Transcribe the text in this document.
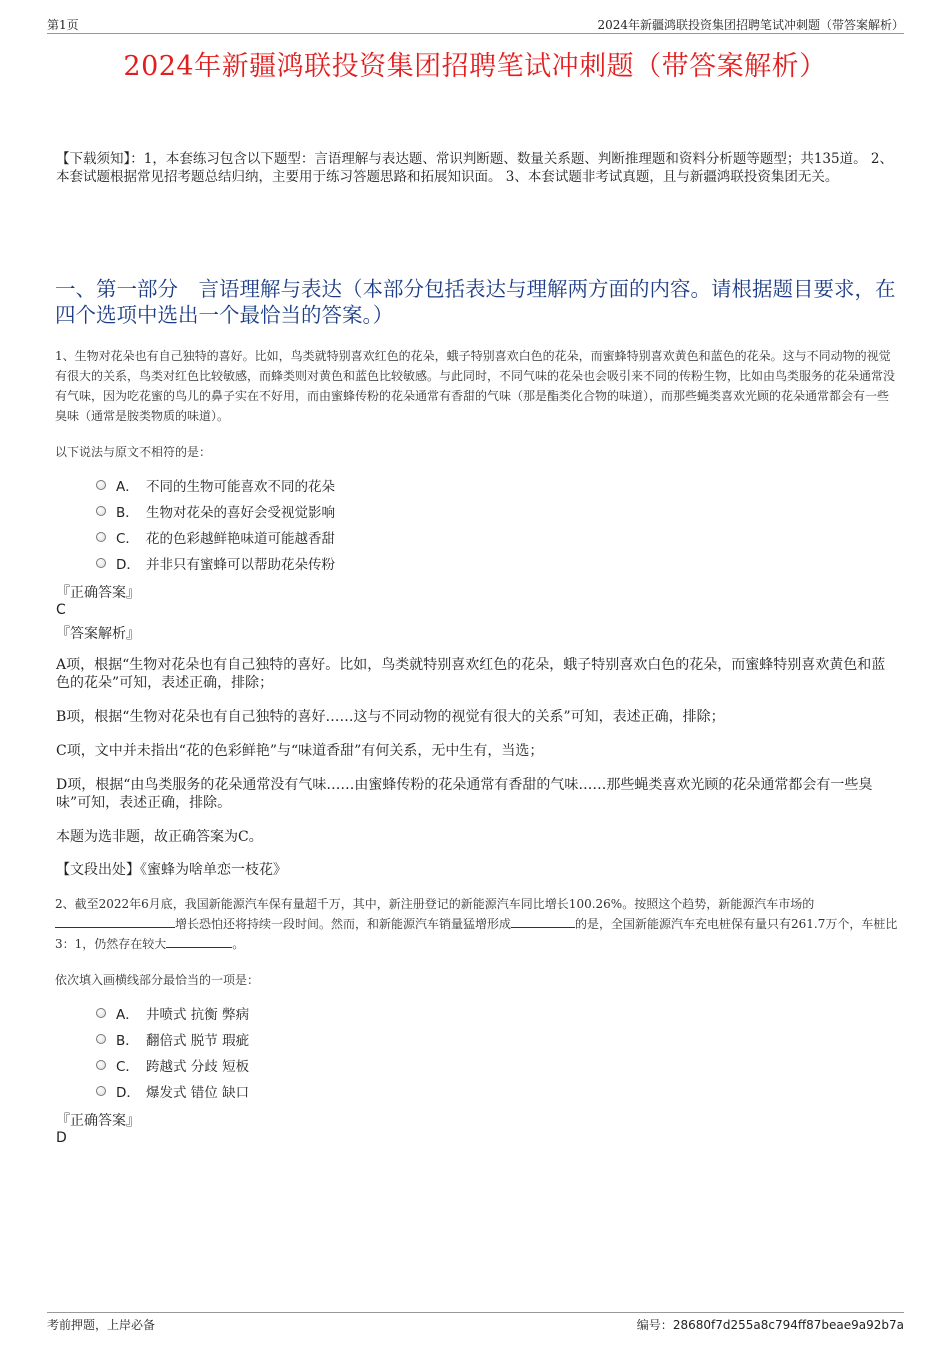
第1页	2024年新疆鸿联投资集团招聘笔试冲刺题（带答案解析）
2024年新疆鸿联投资集团招聘笔试冲刺题（带答案解析）
【下载须知】：1，本套练习包含以下题型：言语理解与表达题、常识判断题、数量关系题、判断推理题和资料分析题等题型；共135道。 2、本套试题根据常见招考题总结归纳，主要用于练习答题思路和拓展知识面。 3、本套试题非考试真题，且与新疆鸿联投资集团无关。
一、第一部分　言语理解与表达（本部分包括表达与理解两方面的内容。请根据题目要求，在四个选项中选出一个最恰当的答案。）
1、生物对花朵也有自己独特的喜好。比如，鸟类就特别喜欢红色的花朵，蛾子特别喜欢白色的花朵，而蜜蜂特别喜欢黄色和蓝色的花朵。这与不同动物的视觉有很大的关系，鸟类对红色比较敏感，而蜂类则对黄色和蓝色比较敏感。与此同时，不同气味的花朵也会吸引来不同的传粉生物，比如由鸟类服务的花朵通常没有气味，因为吃花蜜的鸟儿的鼻子实在不好用，而由蜜蜂传粉的花朵通常有香甜的气味（那是酯类化合物的味道），而那些蝇类喜欢光顾的花朵通常都会有一些臭味（通常是胺类物质的味道）。
以下说法与原文不相符的是：
A． 不同的生物可能喜欢不同的花朵
B． 生物对花朵的喜好会受视觉影响
C． 花的色彩越鲜艳味道可能越香甜
D． 并非只有蜜蜂可以帮助花朵传粉
『正确答案』
C
『答案解析』
A项，根据“生物对花朵也有自己独特的喜好。比如，鸟类就特别喜欢红色的花朵，蛾子特别喜欢白色的花朵，而蜜蜂特别喜欢黄色和蓝色的花朵”可知，表述正确，排除；
B项，根据“生物对花朵也有自己独特的喜好……这与不同动物的视觉有很大的关系”可知，表述正确，排除；
C项，文中并未指出“花的色彩鲜艳”与“味道香甜”有何关系，无中生有，当选；
D项，根据“由鸟类服务的花朵通常没有气味……由蜜蜂传粉的花朵通常有香甜的气味……那些蝇类喜欢光顾的花朵通常都会有一些臭味”可知，表述正确，排除。
本题为选非题，故正确答案为C。
【文段出处】《蜜蜂为啥单恋一枝花》
2、截至2022年6月底，我国新能源汽车保有量超千万，其中，新注册登记的新能源汽车同比增长100.26%。按照这个趋势，新能源汽车市场的增长恐怕还将持续一段时间。然而，和新能源汽车销量猛增形成	的是，全国新能源汽车充电桩保有量只有261.7万个，车桩比3：1，仍然存在较大	。
依次填入画横线部分最恰当的一项是：
A． 井喷式 抗衡 弊病
B． 翻倍式 脱节 瑕疵
C． 跨越式 分歧 短板
D． 爆发式 错位 缺口
『正确答案』
D
考前押题，上岸必备	编号：28680f7d255a8c794ff87beae9a92b7a
